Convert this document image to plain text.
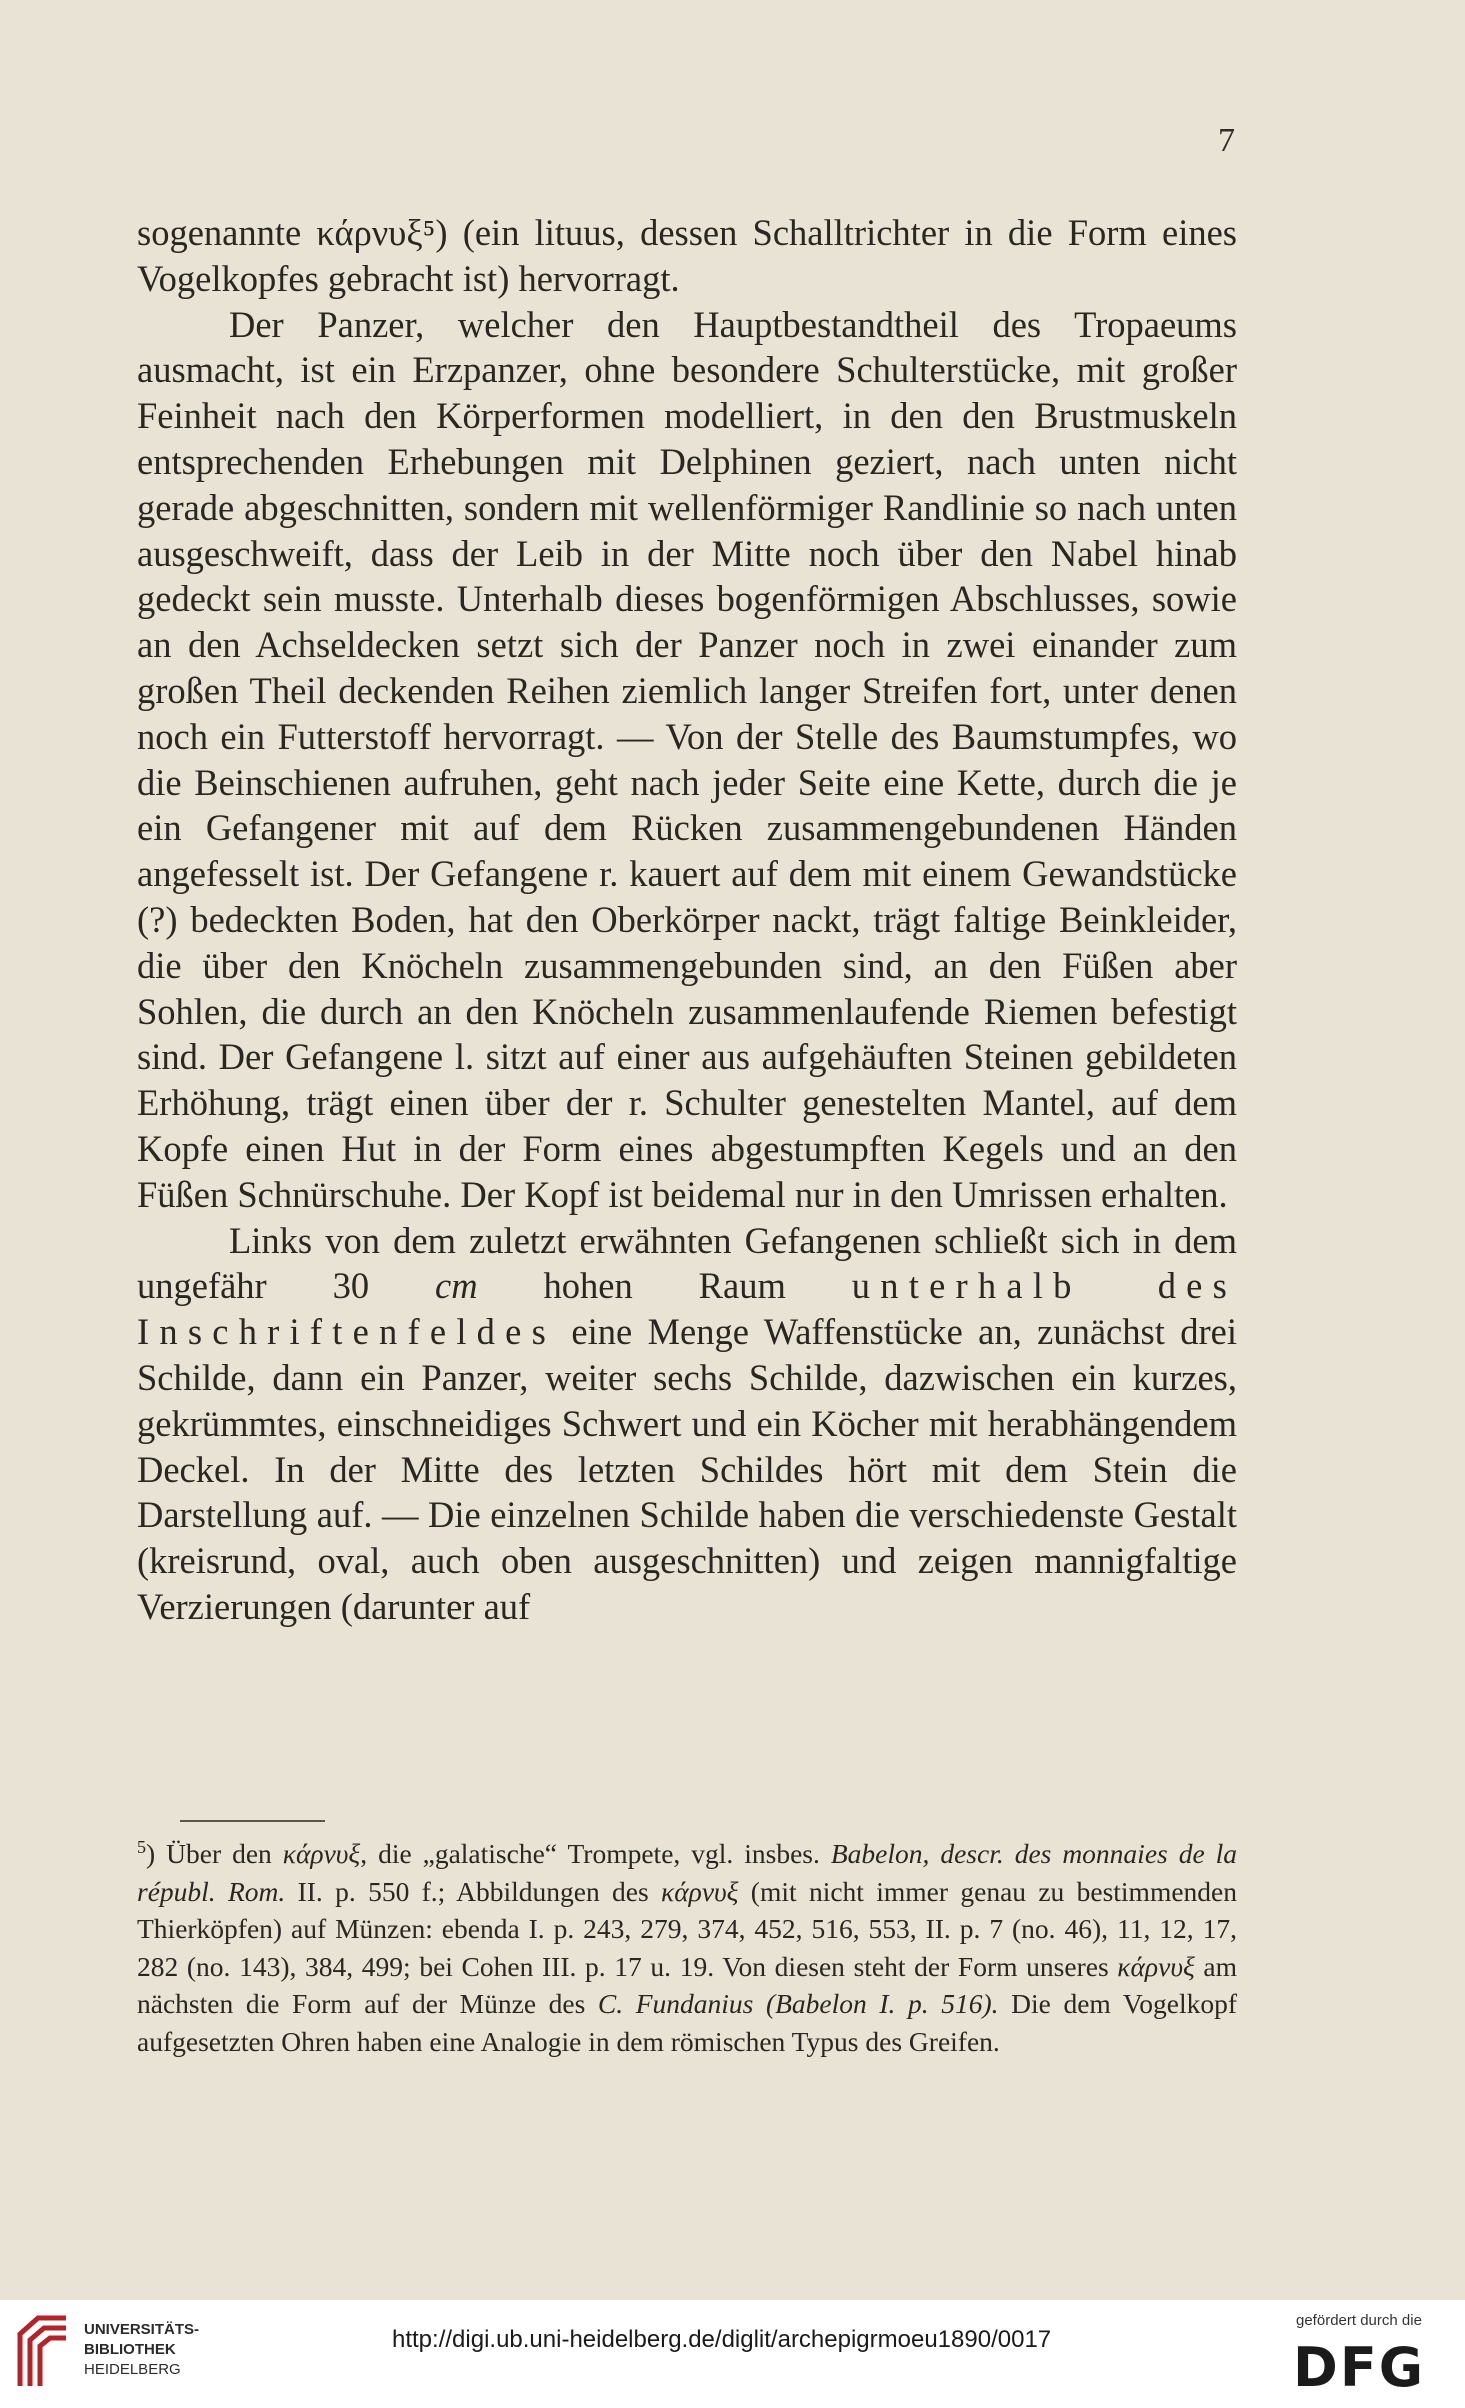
7

sogenannte κάρνυξ⁵) (ein lituus, dessen Schalltrichter in die Form eines Vogelkopfes gebracht ist) hervorragt.

Der Panzer, welcher den Hauptbestandtheil des Tropaeums ausmacht, ist ein Erzpanzer, ohne besondere Schulterstücke, mit großer Feinheit nach den Körperformen modelliert, in den den Brustmuskeln entsprechenden Erhebungen mit Delphinen geziert, nach unten nicht gerade abgeschnitten, sondern mit wellenförmiger Randlinie so nach unten ausgeschweift, dass der Leib in der Mitte noch über den Nabel hinab gedeckt sein musste. Unterhalb dieses bogenförmigen Abschlusses, sowie an den Achseldecken setzt sich der Panzer noch in zwei einander zum großen Theil deckenden Reihen ziemlich langer Streifen fort, unter denen noch ein Futterstoff hervorragt. — Von der Stelle des Baumstumpfes, wo die Beinschienen aufruhen, geht nach jeder Seite eine Kette, durch die je ein Gefangener mit auf dem Rücken zusammengebundenen Händen angefesselt ist. Der Gefangene r. kauert auf dem mit einem Gewandstücke (?) bedeckten Boden, hat den Oberkörper nackt, trägt faltige Beinkleider, die über den Knöcheln zusammengebunden sind, an den Füßen aber Sohlen, die durch an den Knöcheln zusammenlaufende Riemen befestigt sind. Der Gefangene l. sitzt auf einer aus aufgehäuften Steinen gebildeten Erhöhung, trägt einen über der r. Schulter genestelten Mantel, auf dem Kopfe einen Hut in der Form eines abgestumpften Kegels und an den Füßen Schnürschuhe. Der Kopf ist beidemal nur in den Umrissen erhalten.

Links von dem zuletzt erwähnten Gefangenen schließt sich in dem ungefähr 30 cm hohen Raum unterhalb des Inschriftenfeldes eine Menge Waffenstücke an, zunächst drei Schilde, dann ein Panzer, weiter sechs Schilde, dazwischen ein kurzes, gekrümmtes, einschneidiges Schwert und ein Köcher mit herabhängendem Deckel. In der Mitte des letzten Schildes hört mit dem Stein die Darstellung auf. — Die einzelnen Schilde haben die verschiedenste Gestalt (kreisrund, oval, auch oben ausgeschnitten) und zeigen mannigfaltige Verzierungen (darunter auf

$^5$) Über den κάρνυξ, die „galatische“ Trompete, vgl. insbes. Babelon, descr. des monnaies de la républ. Rom. II. p. 550 f.; Abbildungen des κάρνυξ (mit nicht immer genau zu bestimmenden Thierköpfen) auf Münzen: ebenda I. p. 243, 279, 374, 452, 516, 553, II. p. 7 (no. 46), 11, 12, 17, 282 (no. 143), 384, 499; bei Cohen III. p. 17 u. 19. Von diesen steht der Form unseres κάρνυξ am nächsten die Form auf der Münze des C. Fundanius (Babelon I. p. 516). Die dem Vogelkopf aufgesetzten Ohren haben eine Analogie in dem römischen Typus des Greifen.
UNIVERSITÄTS-
BIBLIOTHEK
HEIDELBERG
http://digi.ub.uni-heidelberg.de/diglit/archepigrmoeu1890/0017
gefördert durch die
DFG
